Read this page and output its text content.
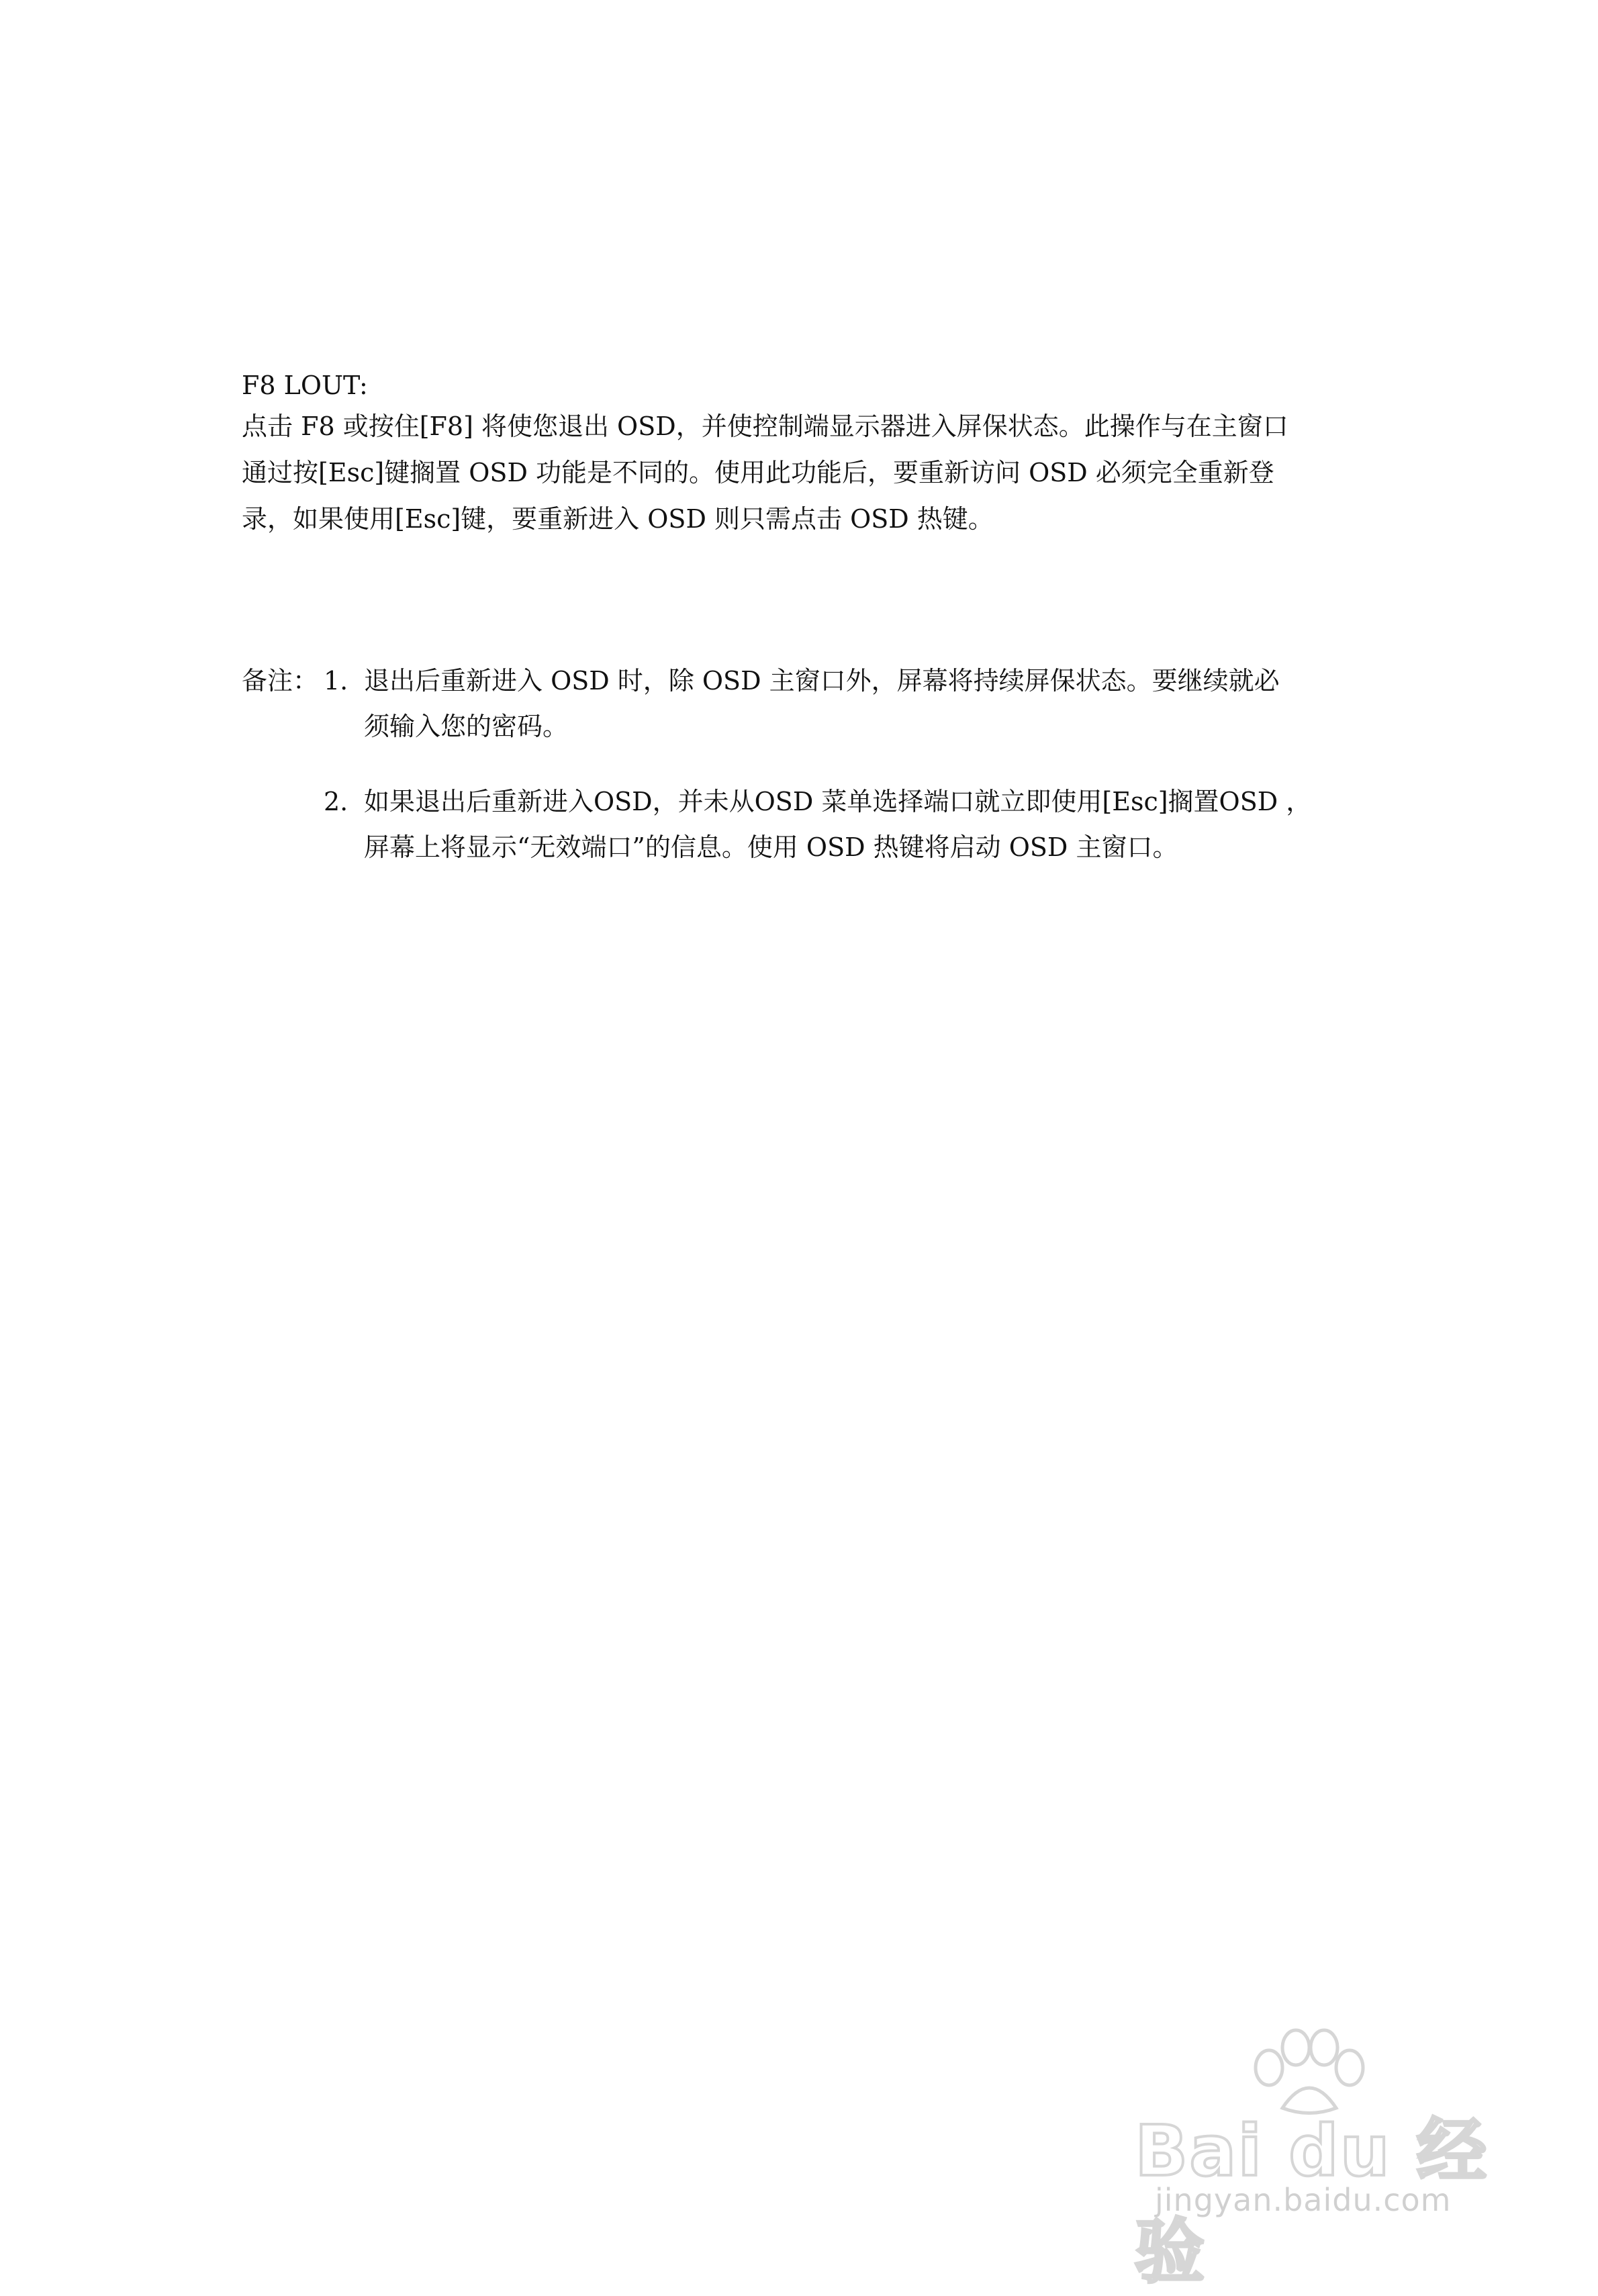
F8 LOUT:

点击 F8 或按住[F8] 将使您退出 OSD，并使控制端显示器进入屏保状态。此操作与在主窗口

通过按[Esc]键搁置 OSD 功能是不同的。使用此功能后，要重新访问 OSD 必须完全重新登

录，如果使用[Esc]键，要重新进入 OSD 则只需点击 OSD 热键。

备注： 1. 退出后重新进入 OSD 时，除 OSD 主窗口外，屏幕将持续屏保状态。要继续就必
须输入您的密码。
2. 如果退出后重新进入OSD，并未从OSD 菜单选择端口就立即使用[Esc]搁置OSD ，
屏幕上将显示“无效端口”的信息。使用 OSD 热键将启动 OSD 主窗口。
Bai du 经验
jingyan.baidu.com
